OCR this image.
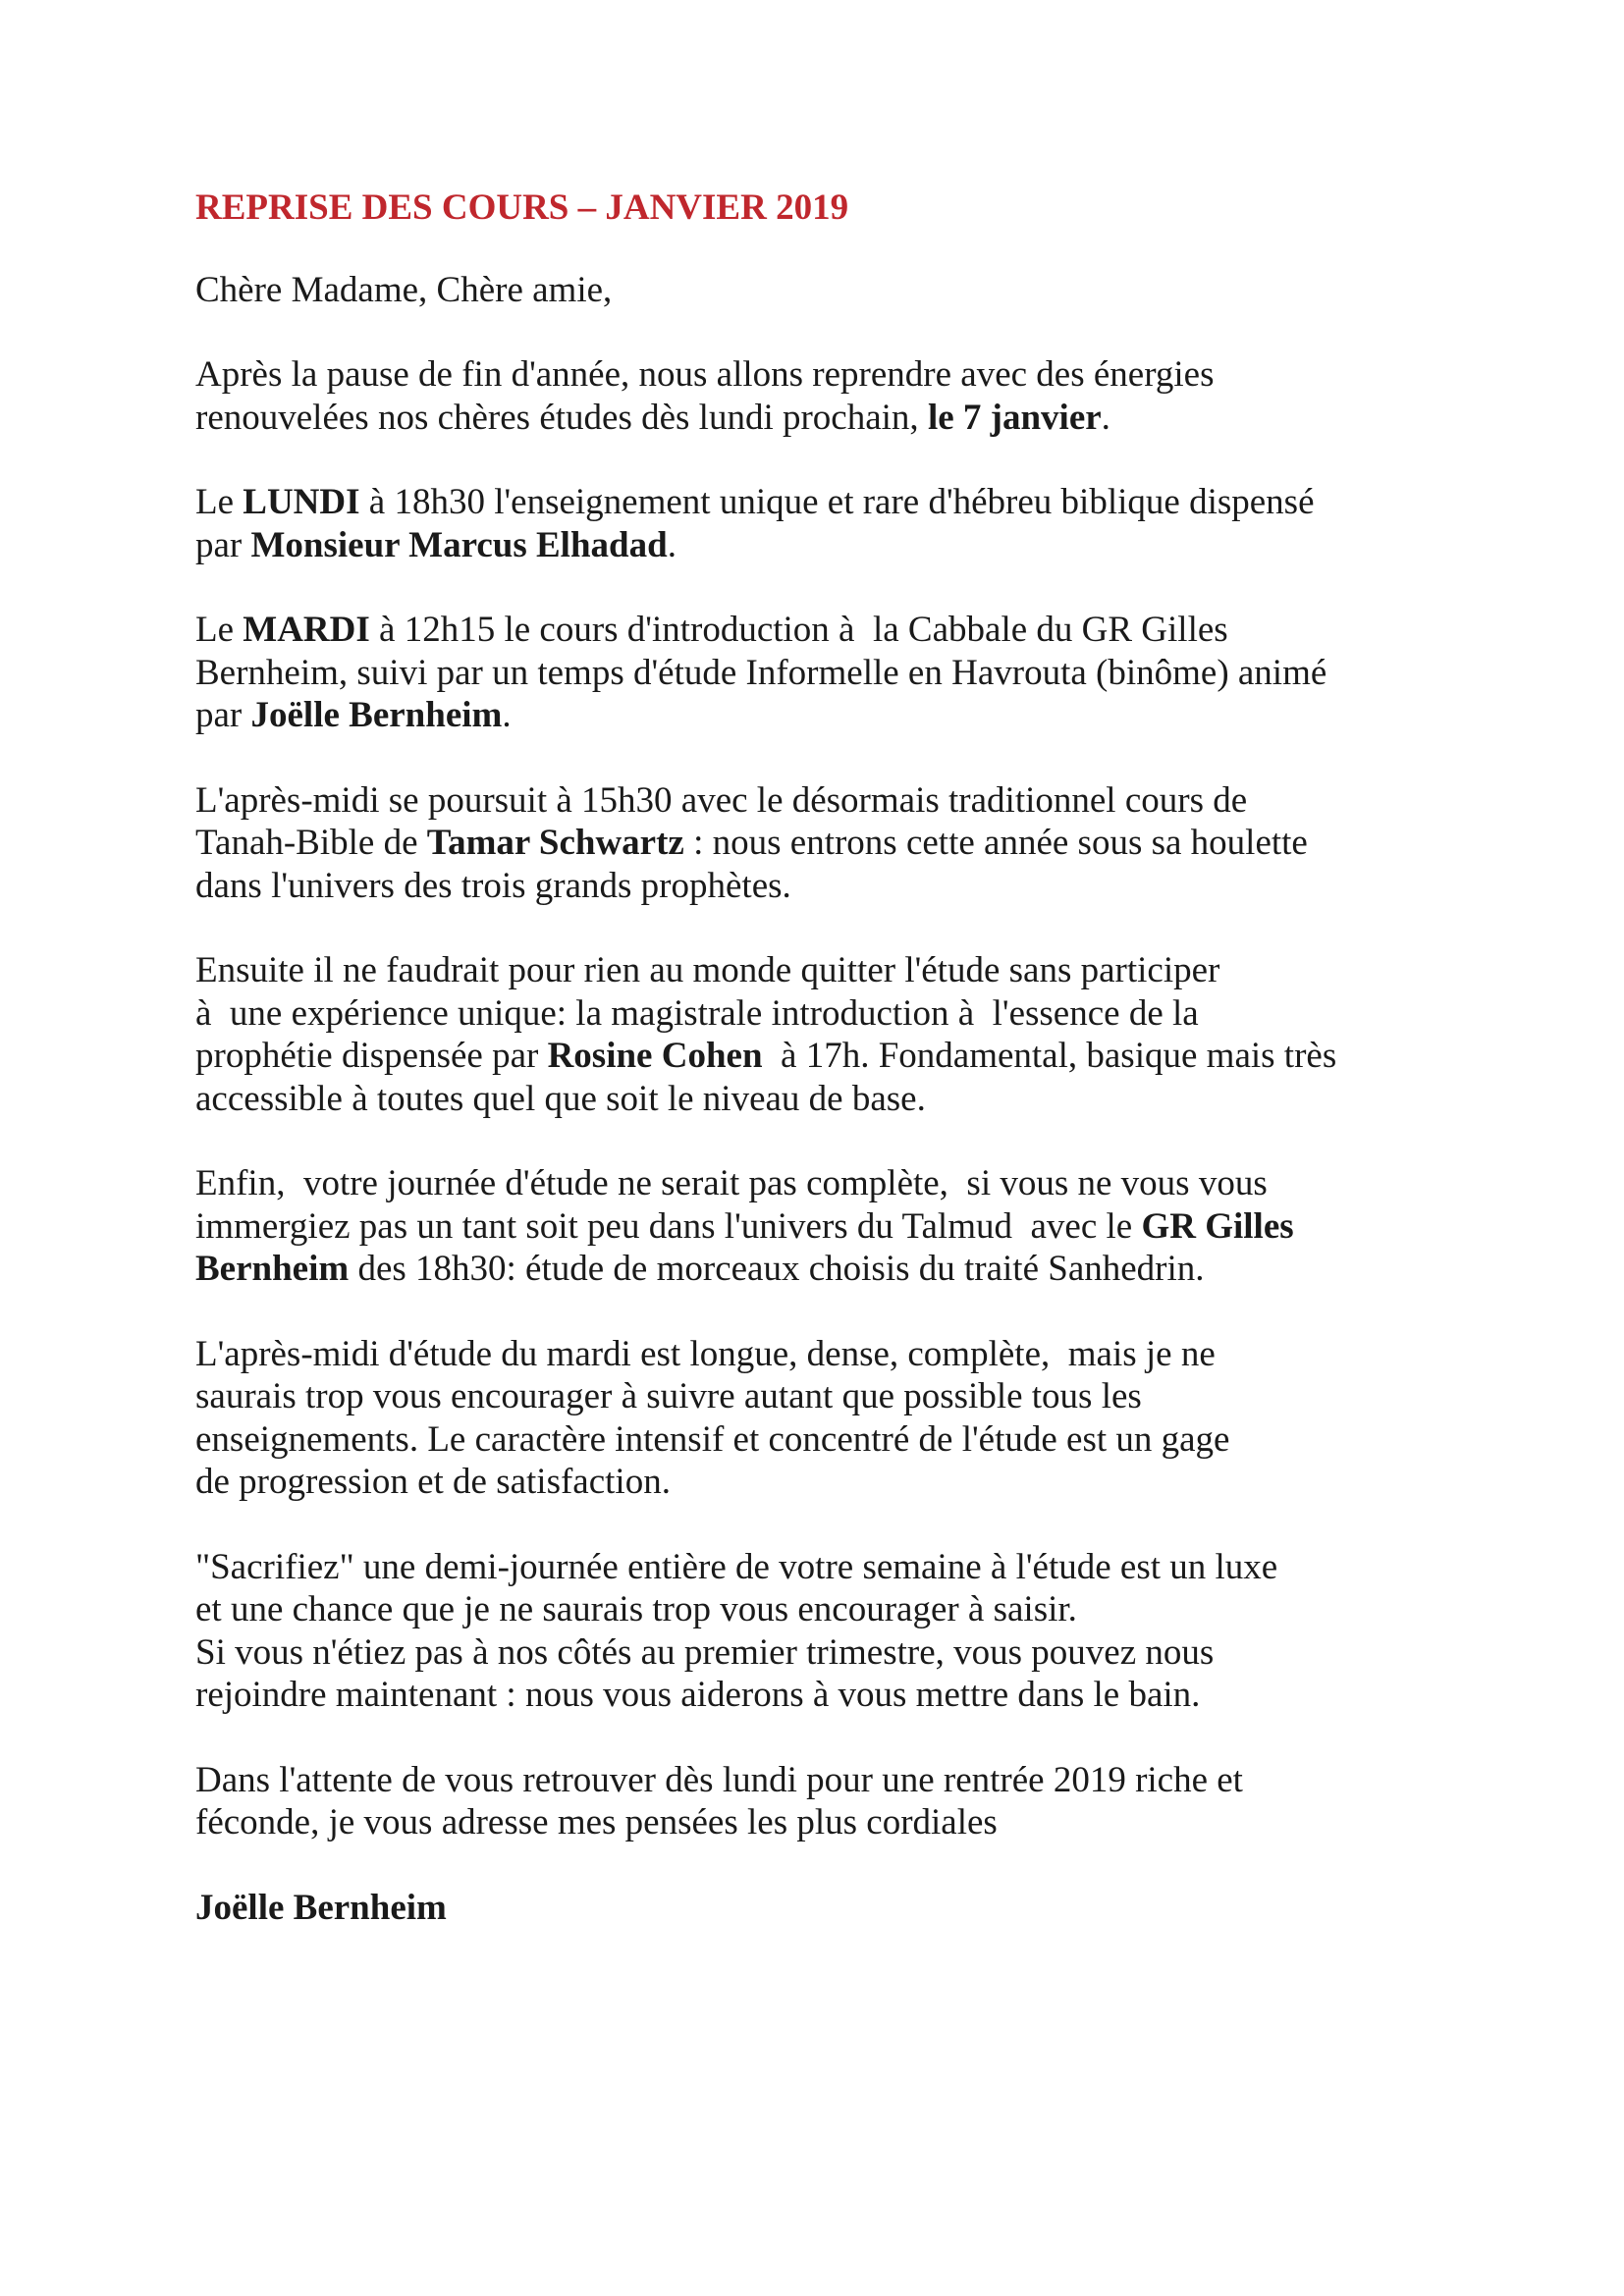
REPRISE DES COURS – JANVIER 2019
Chère Madame, Chère amie,
Après la pause de fin d'année, nous allons reprendre avec des énergies
renouvelées nos chères études dès lundi prochain, le 7 janvier.
Le LUNDI à 18h30 l'enseignement unique et rare d'hébreu biblique dispensé
par Monsieur Marcus Elhadad.
Le MARDI à 12h15 le cours d'introduction à  la Cabbale du GR Gilles
Bernheim, suivi par un temps d'étude Informelle en Havrouta (binôme) animé
par Joëlle Bernheim.
L'après-midi se poursuit à 15h30 avec le désormais traditionnel cours de
Tanah-Bible de Tamar Schwartz : nous entrons cette année sous sa houlette
dans l'univers des trois grands prophètes.
Ensuite il ne faudrait pour rien au monde quitter l'étude sans participer
à  une expérience unique: la magistrale introduction à  l'essence de la
prophétie dispensée par Rosine Cohen  à 17h. Fondamental, basique mais très
accessible à toutes quel que soit le niveau de base.
Enfin,  votre journée d'étude ne serait pas complète,  si vous ne vous vous
immergiez pas un tant soit peu dans l'univers du Talmud  avec le GR Gilles
Bernheim des 18h30: étude de morceaux choisis du traité Sanhedrin.
L'après-midi d'étude du mardi est longue, dense, complète,  mais je ne
saurais trop vous encourager à suivre autant que possible tous les
enseignements. Le caractère intensif et concentré de l'étude est un gage
de progression et de satisfaction.
"Sacrifiez" une demi-journée entière de votre semaine à l'étude est un luxe
et une chance que je ne saurais trop vous encourager à saisir.
Si vous n'étiez pas à nos côtés au premier trimestre, vous pouvez nous
rejoindre maintenant : nous vous aiderons à vous mettre dans le bain.
Dans l'attente de vous retrouver dès lundi pour une rentrée 2019 riche et
féconde, je vous adresse mes pensées les plus cordiales
Joëlle Bernheim
